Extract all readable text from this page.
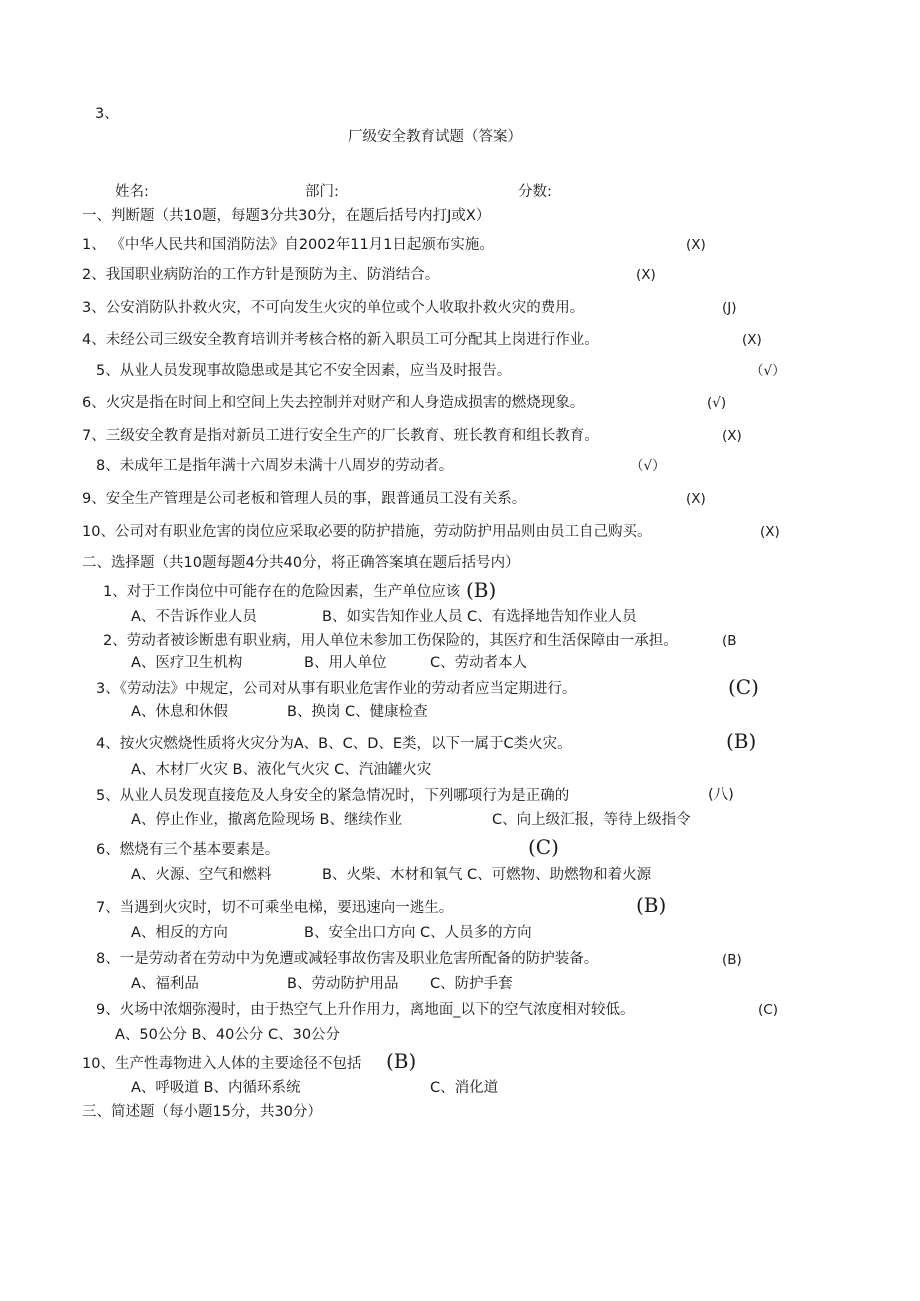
3、
厂级安全教育试题（答案）
姓名:	部门:	分数:
一、判断题（共10题，每题3分共30分，在题后括号内打J或X）
1、 《中华人民共和国消防法》自2002年11月1日起颁布实施。	(X)
2、我国职业病防治的工作方针是预防为主、防消结合。	(X)
3、公安消防队扑救火灾，不可向发生火灾的单位或个人收取扑救火灾的费用。	(J)
4、未经公司三级安全教育培训并考核合格的新入职员工可分配其上岗进行作业。	(X)
5、从业人员发现事故隐患或是其它不安全因素，应当及时报告。	（√）
6、火灾是指在时间上和空间上失去控制并对财产和人身造成损害的燃烧现象。	(√)
7、三级安全教育是指对新员工进行安全生产的厂长教育、班长教育和组长教育。	(X)
8、未成年工是指年满十六周岁未满十八周岁的劳动者。	（√）
9、安全生产管理是公司老板和管理人员的事，跟普通员工没有关系。	(X)
10、公司对有职业危害的岗位应采取必要的防护措施，劳动防护用品则由员工自己购买。	(X)
二、选择题（共10题每题4分共40分，将正确答案填在题后括号内）
1、对于工作岗位中可能存在的危险因素，生产单位应该 (B)
A、不告诉作业人员	B、如实告知作业人员 C、有选择地告知作业人员
2、劳动者被诊断患有职业病，用人单位未参加工伤保险的，其医疗和生活保障由一承担。	(B
A、医疗卫生机构	B、用人单位	C、劳动者本人
3、《劳动法》中规定，公司对从事有职业危害作业的劳动者应当定期进行。	(C)
A、休息和休假	B、换岗 C、健康检查
4、按火灾燃烧性质将火灾分为A、B、C、D、E类，以下一属于C类火灾。	(B)
A、木材厂火灾 B、液化气火灾 C、汽油罐火灾
5、从业人员发现直接危及人身安全的紧急情况时，下列哪项行为是正确的	(八)
A、停止作业，撤离危险现场 B、继续作业	C、向上级汇报，等待上级指令
6、燃烧有三个基本要素是。	(C)
A、火源、空气和燃料	B、火柴、木材和氧气 C、可燃物、助燃物和着火源
7、当遇到火灾时，切不可乘坐电梯，要迅速向一逃生。	(B)
A、相反的方向	B、安全出口方向 C、人员多的方向
8、一是劳动者在劳动中为免遭或减轻事故伤害及职业危害所配备的防护装备。	(B)
A、福利品	B、劳动防护用品 C、防护手套
9、火场中浓烟弥漫时，由于热空气上升作用力，离地面_以下的空气浓度相对较低。	(C)
A、50公分 B、40公分 C、30公分
10、生产性毒物进入人体的主要途径不包括 (B)
A、呼吸道 B、内循环系统	C、消化道
三、简述题（每小题15分，共30分）
